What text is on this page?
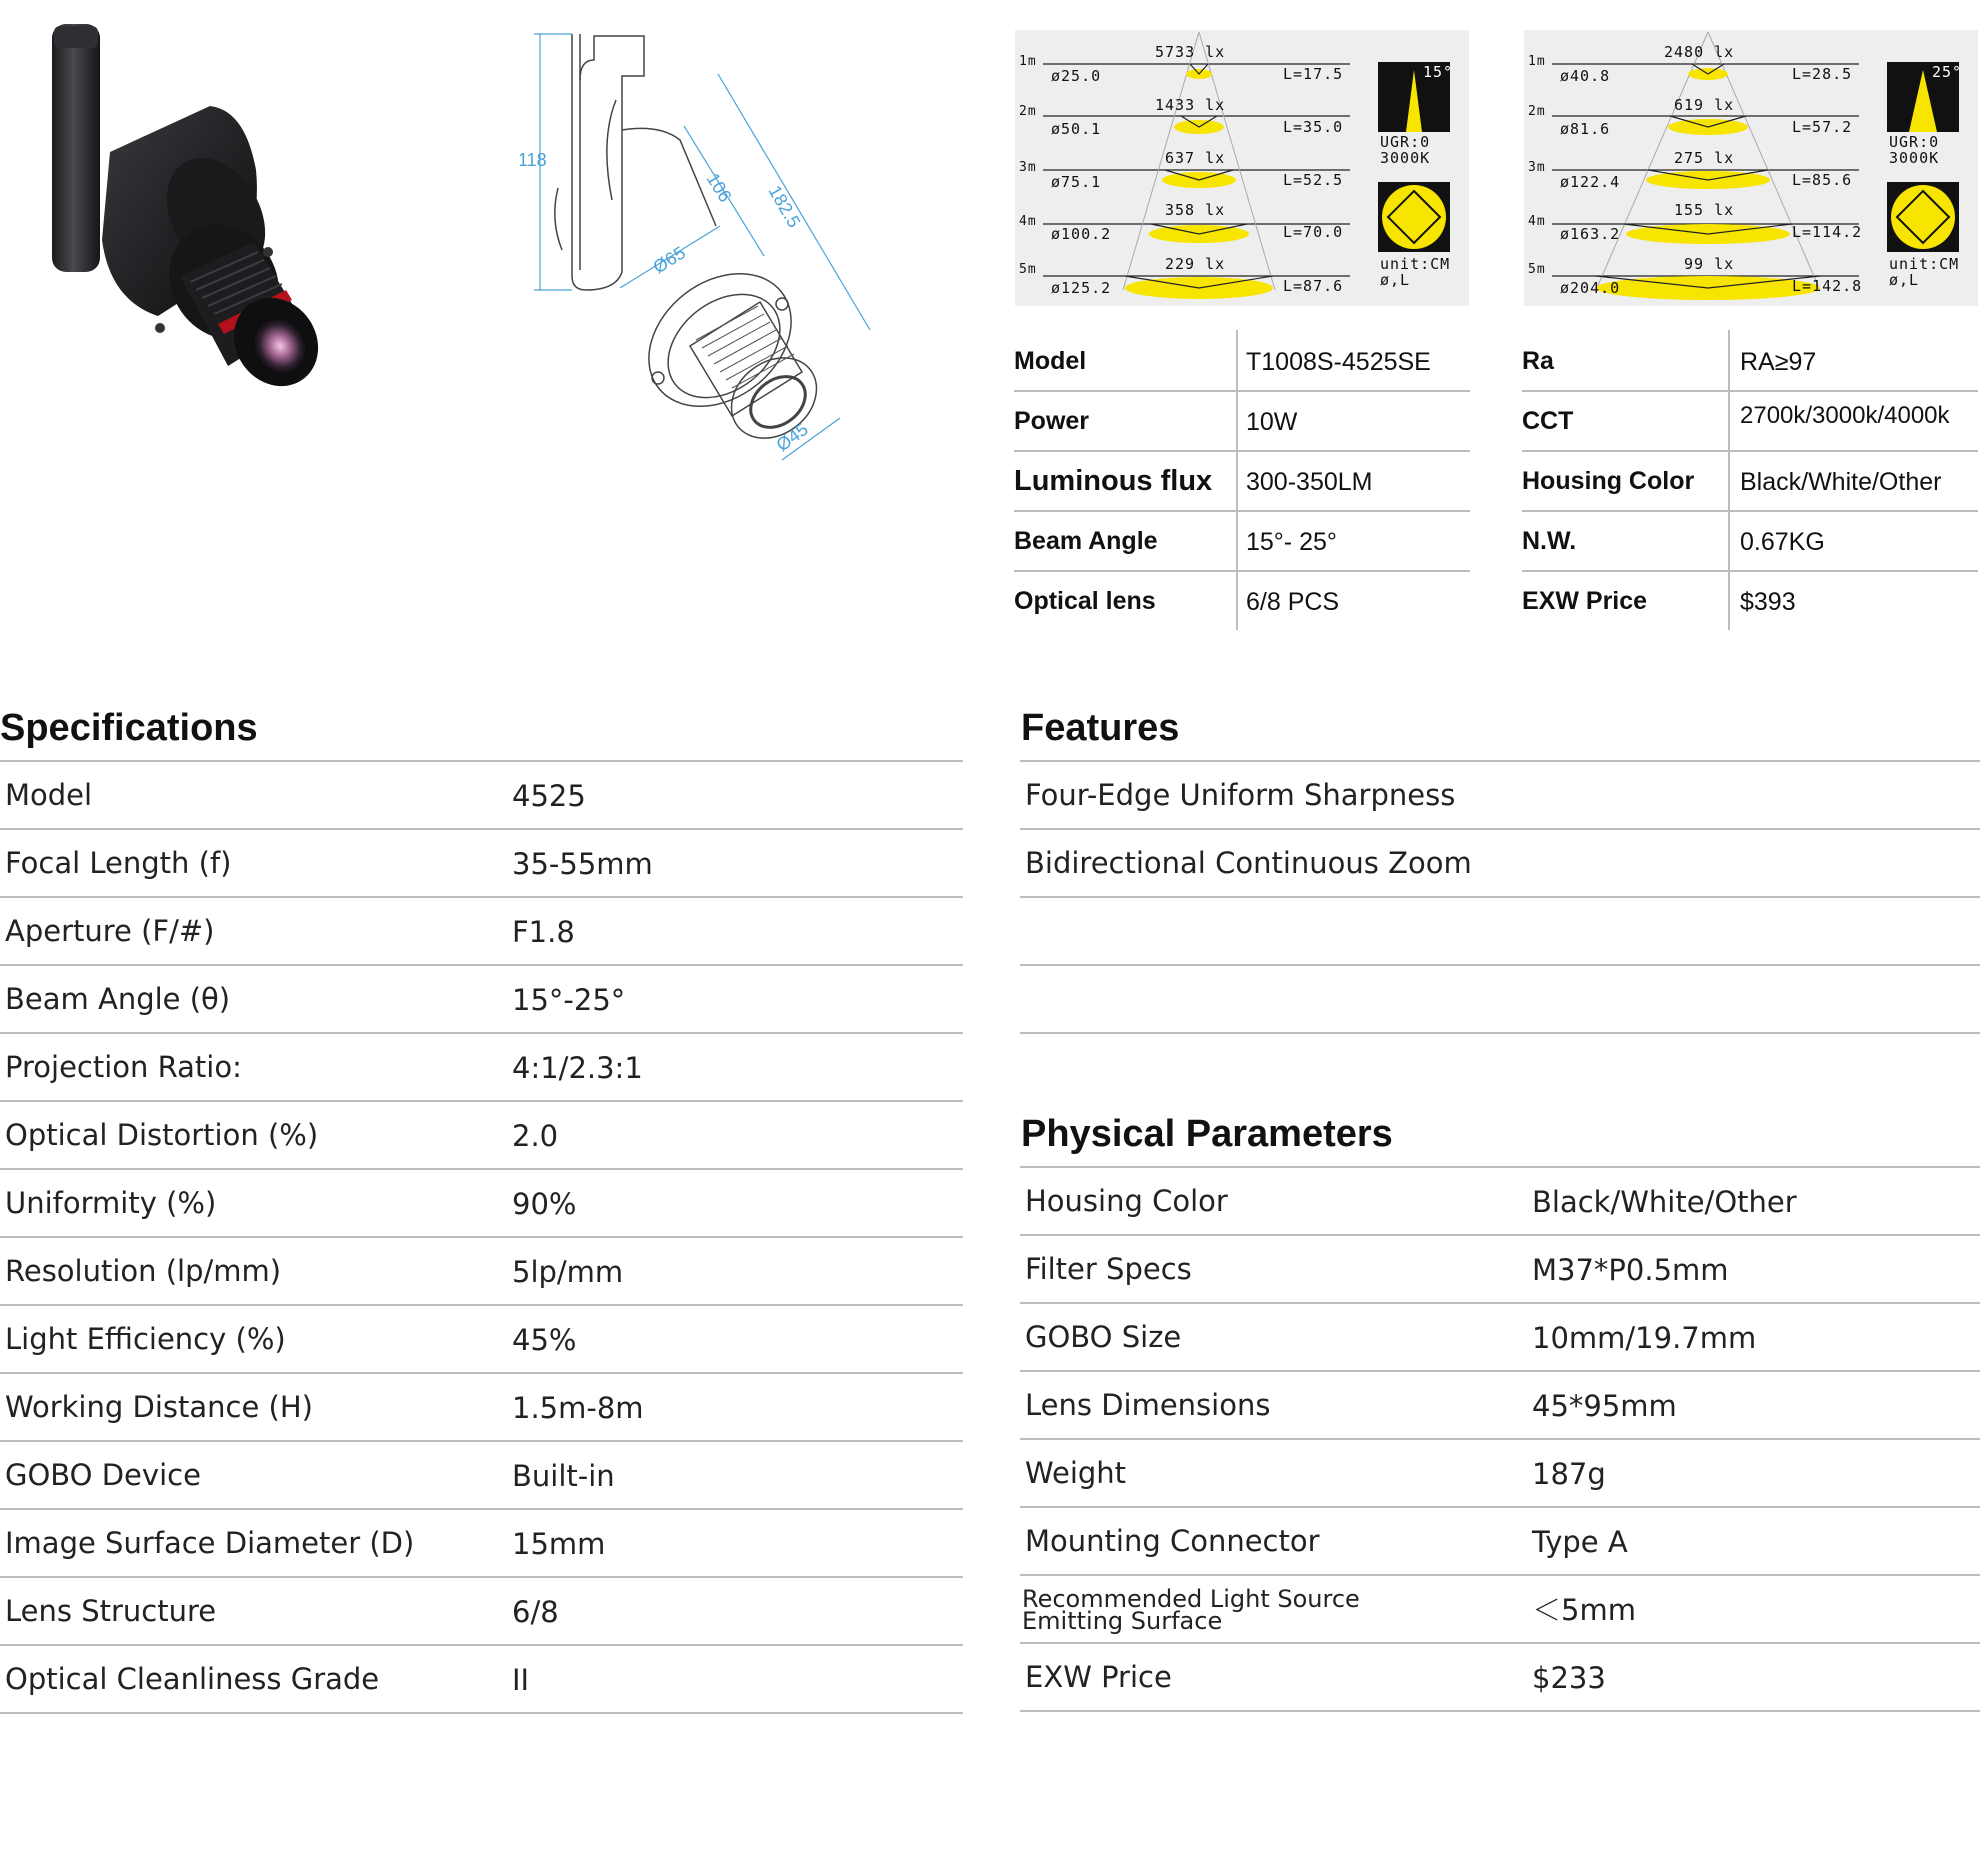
118
106 182.5
Ø65
Ø45
15°
ø
UGR:0
3000K
unit:CM
ø,L
1m
5733 lx
ø25.0	L=17.5
2m	1433 lx
ø50.1	L=35.0
3m
637 lx
ø75.1	L=52.5
4m
358 lx
ø100.2	L=70.0
5m	229 lx
ø125.2	L=87.6
25°
ø
UGR:0
3000K
unit:CM
ø,L
1m
2480 lx
ø40.8	L=28.5
2m	619 lx
ø81.6	L=57.2
3m
275 lx
ø122.4	L=85.6
4m
155 lx
ø163.2	L=114.2
5m	99 lx
ø204.0	L=142.8
Model	T1008S-4525SE
Power	10W
Luminous flux 300-350LM
Beam Angle	15°- 25°
Optical lens	6/8 PCS
Ra	RA≥97
CCT	2700k/3000k/4000k
Housing Color Black/White/Other
N.W.	0.67KG
EXW Price	$393
Specifications
Model	4525
Focal Length (f)	35-55mm
Aperture (F/#)	F1.8
Beam Angle (θ)	15°-25°
Projection Ratio:	4:1/2.3:1
Optical Distortion (%)	2.0
Uniformity (%)	90%
Resolution (lp/mm)	5lp/mm
Light Efficiency (%)	45%
Working Distance (H)	1.5m-8m
GOBO Device	Built-in
Image Surface Diameter (D)	15mm
Lens Structure	6/8
Optical Cleanliness Grade	II
Features
Four-Edge Uniform Sharpness
Bidirectional Continuous Zoom
Physical Parameters
Housing Color	Black/White/Other
Filter Specs	M37*P0.5mm
GOBO Size	10mm/19.7mm
Lens Dimensions	45*95mm
Weight	187g
Mounting Connector	Type A
Recommended Light Source
Emitting Surface	＜5mm
EXW Price	$233
